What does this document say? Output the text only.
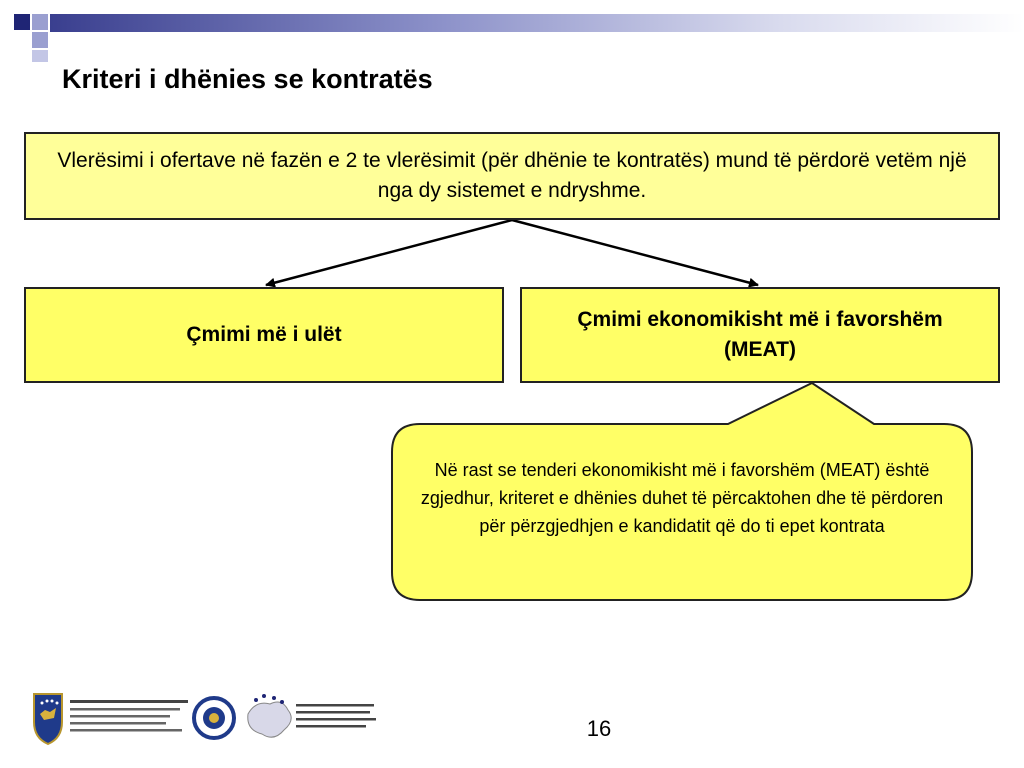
Kriteri i dhënies se kontratës
Vlerësimi i ofertave në fazën e 2 te vlerësimit (për dhënie te kontratës) mund të përdorë vetëm një nga dy sistemet e ndryshme.
Çmimi më i ulët
Çmimi ekonomikisht më i favorshëm
(MEAT)
Në rast se tenderi ekonomikisht më i favorshëm (MEAT) është zgjedhur, kriteret e dhënies duhet të përcaktohen dhe të përdoren për përzgjedhjen e kandidatit që do ti epet kontrata
16
